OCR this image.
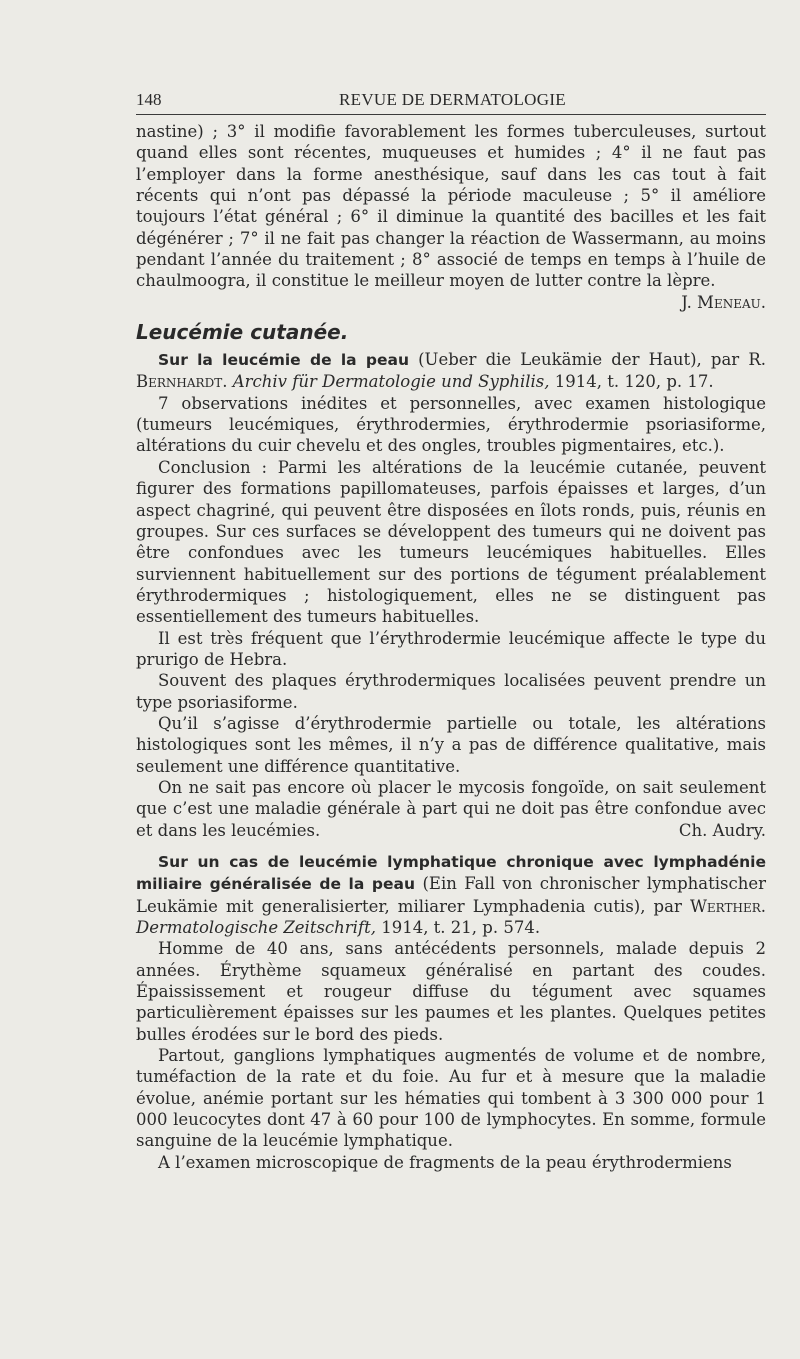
148	REVUE DE DERMATOLOGIE
nastine) ; 3° il modifie favorablement les formes tuberculeuses, surtout quand elles sont récentes, muqueuses et humides ; 4° il ne faut pas l’employer dans la forme anesthésique, sauf dans les cas tout à fait récents qui n’ont pas dépassé la période maculeuse ; 5° il améliore toujours l’état général ; 6° il diminue la quantité des bacilles et les fait dégénérer ; 7° il ne fait pas changer la réaction de Wassermann, au moins pendant l’année du traitement ; 8° associé de temps en temps à l’huile de chaulmoogra, il constitue le meilleur moyen de lutter contre la lèpre.
J. Meneau.
Leucémie cutanée.

Sur la leucémie de la peau (Ueber die Leukämie der Haut), par R. Bernhardt. Archiv für Dermatologie und Syphilis, 1914, t. 120, p. 17.

7 observations inédites et personnelles, avec examen histologique (tumeurs leucémiques, érythrodermies, érythrodermie psoriasiforme, altérations du cuir chevelu et des ongles, troubles pigmentaires, etc.).

Conclusion : Parmi les altérations de la leucémie cutanée, peuvent figurer des formations papillomateuses, parfois épaisses et larges, d’un aspect chagriné, qui peuvent être disposées en îlots ronds, puis, réunis en groupes. Sur ces surfaces se développent des tumeurs qui ne doivent pas être confondues avec les tumeurs leucémiques habituelles. Elles surviennent habituellement sur des portions de tégument préalablement érythrodermiques ; histologiquement, elles ne se distinguent pas essentiellement des tumeurs habituelles.

Il est très fréquent que l’érythrodermie leucémique affecte le type du prurigo de Hebra.

Souvent des plaques érythrodermiques localisées peuvent prendre un type psoriasiforme.

Qu’il s’agisse d’érythrodermie partielle ou totale, les altérations histologiques sont les mêmes, il n’y a pas de différence qualitative, mais seulement une différence quantitative.

On ne sait pas encore où placer le mycosis fongoïde, on sait seulement que c’est une maladie générale à part qui ne doit pas être confondue avec et dans les leucémies.	Ch. Audry.

Sur un cas de leucémie lymphatique chronique avec lymphadénie miliaire généralisée de la peau (Ein Fall von chronischer lymphatischer Leukämie mit generalisierter, miliarer Lymphadenia cutis), par Werther. Dermatologische Zeitschrift, 1914, t. 21, p. 574.

Homme de 40 ans, sans antécédents personnels, malade depuis 2 années. Érythème squameux généralisé en partant des coudes. Épaississement et rougeur diffuse du tégument avec squames particulièrement épaisses sur les paumes et les plantes. Quelques petites bulles érodées sur le bord des pieds.

Partout, ganglions lymphatiques augmentés de volume et de nombre, tuméfaction de la rate et du foie. Au fur et à mesure que la maladie évolue, anémie portant sur les hématies qui tombent à 3 300 000 pour 1 000 leucocytes dont 47 à 60 pour 100 de lymphocytes. En somme, formule sanguine de la leucémie lymphatique.

A l’examen microscopique de fragments de la peau érythrodermiens
